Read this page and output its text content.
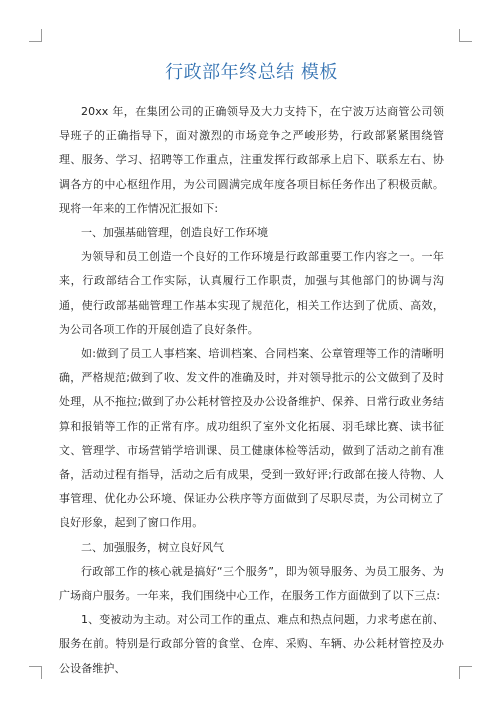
行政部年终总结 模板

20xx 年，在集团公司的正确领导及大力支持下，在宁波万达商管公司领导班子的正确指导下，面对激烈的市场竞争之严峻形势，行政部紧紧围绕管理、服务、学习、招聘等工作重点，注重发挥行政部承上启下、联系左右、协调各方的中心枢纽作用，为公司圆满完成年度各项目标任务作出了积极贡献。现将一年来的工作情况汇报如下:

一、加强基础管理，创造良好工作环境

为领导和员工创造一个良好的工作环境是行政部重要工作内容之一。一年来，行政部结合工作实际，认真履行工作职责，加强与其他部门的协调与沟通，使行政部基础管理工作基本实现了规范化，相关工作达到了优质、高效，为公司各项工作的开展创造了良好条件。

如:做到了员工人事档案、培训档案、合同档案、公章管理等工作的清晰明确，严格规范;做到了收、发文件的准确及时，并对领导批示的公文做到了及时处理，从不拖拉;做到了办公耗材管控及办公设备维护、保养、日常行政业务结算和报销等工作的正常有序。成功组织了室外文化拓展、羽毛球比赛、读书征文、管理学、市场营销学培训课、员工健康体检等活动，做到了活动之前有准备，活动过程有指导，活动之后有成果，受到一致好评;行政部在接人待物、人事管理、优化办公环境、保证办公秩序等方面做到了尽职尽责，为公司树立了良好形象，起到了窗口作用。

二、加强服务，树立良好风气

行政部工作的核心就是搞好“三个服务”，即为领导服务、为员工服务、为广场商户服务。一年来，我们围绕中心工作，在服务工作方面做到了以下三点:

1、变被动为主动。对公司工作的重点、难点和热点问题，力求考虑在前、服务在前。特别是行政部分管的食堂、仓库、采购、车辆、办公耗材管控及办公设备维护、
